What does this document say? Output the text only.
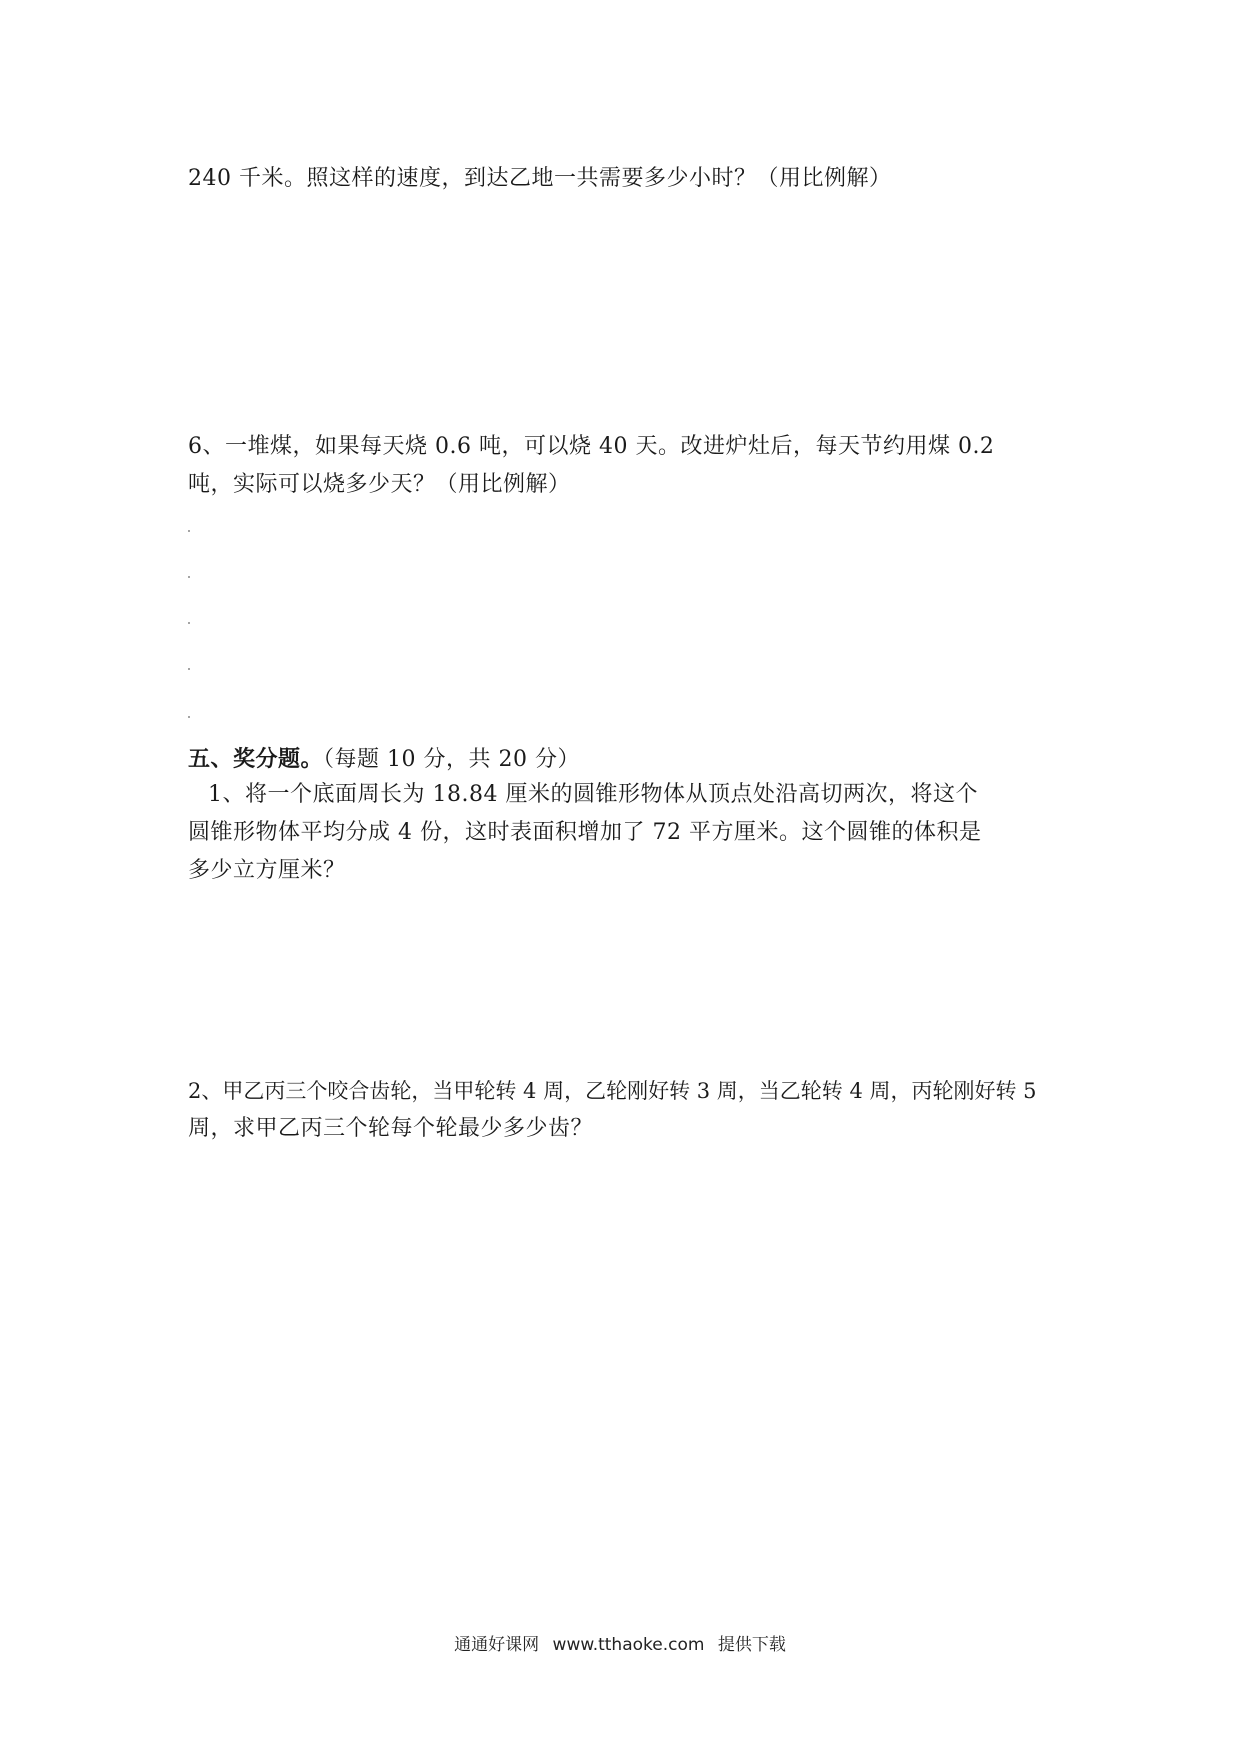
240 千米。照这样的速度，到达乙地一共需要多少小时？（用比例解）
6、一堆煤，如果每天烧 0.6 吨，可以烧 40 天。改进炉灶后，每天节约用煤 0.2
吨，实际可以烧多少天？（用比例解）
五、奖分题。（每题 10 分，共 20 分）
1、将一个底面周长为 18.84 厘米的圆锥形物体从顶点处沿高切两次，将这个
圆锥形物体平均分成 4 份，这时表面积增加了 72 平方厘米。这个圆锥的体积是
多少立方厘米？
2、甲乙丙三个咬合齿轮，当甲轮转 4 周，乙轮刚好转 3 周，当乙轮转 4 周，丙轮刚好转 5
周，求甲乙丙三个轮每个轮最少多少齿？
通通好课网 www.tthaoke.com 提供下载
